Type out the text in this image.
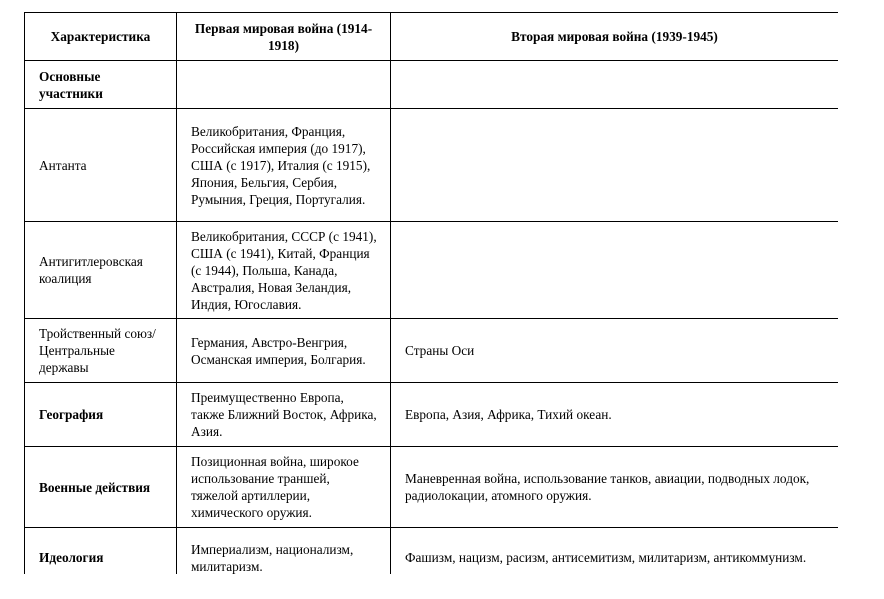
Характеристика	Первая мировая война (1914-1918)	Вторая мировая война (1939-1945)
Основные участники		
Антанта	Великобритания, Франция, Российская империя (до 1917), США (с 1917), Италия (с 1915), Япония, Бельгия, Сербия, Румыния, Греция, Португалия.	
Антигитлеровская коалиция	Великобритания, СССР (с 1941), США (с 1941), Китай, Франция (с 1944), Польша, Канада, Австралия, Новая Зеландия, Индия, Югославия.	
Тройственный союз/Центральные державы	Германия, Австро-Венгрия, Османская империя, Болгария.	Страны Оси
География	Преимущественно Европа, также Ближний Восток, Африка, Азия.	Европа, Азия, Африка, Тихий океан.
Военные действия	Позиционная война, широкое использование траншей, тяжелой артиллерии, химического оружия.	Маневренная война, использование танков, авиации, подводных лодок, радиолокации, атомного оружия.
Идеология	Империализм, национализм, милитаризм.	Фашизм, нацизм, расизм, антисемитизм, милитаризм, антикоммунизм.
